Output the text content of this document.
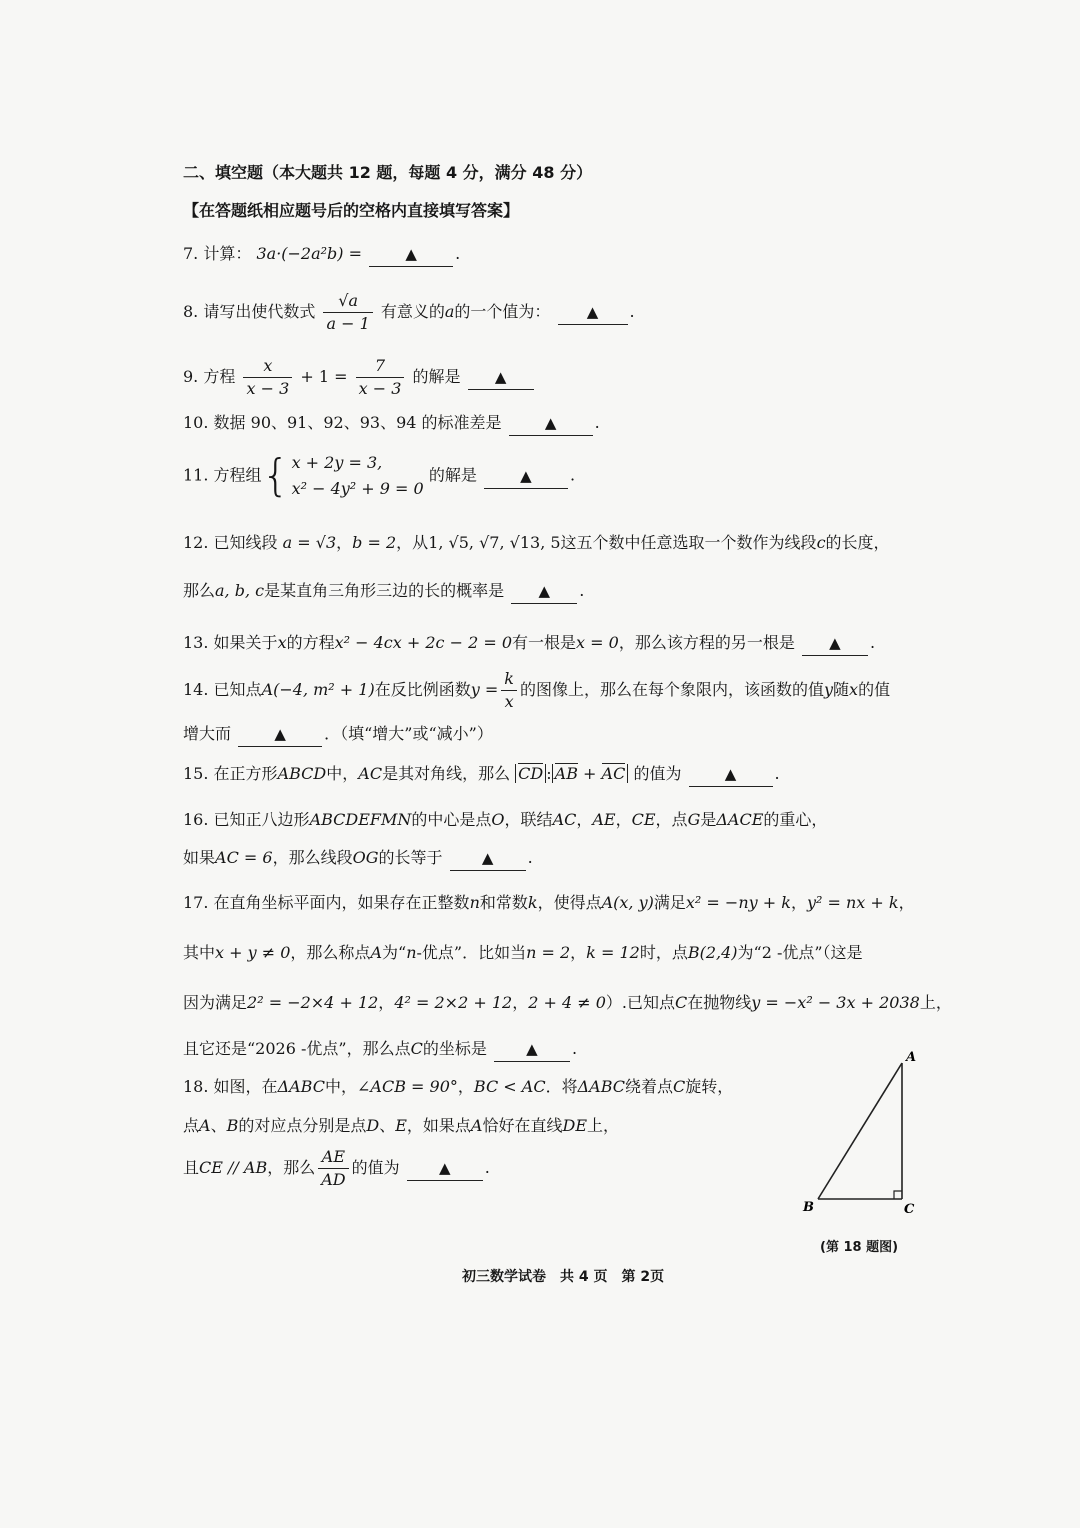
二、填空题（本大题共 12 题，每题 4 分，满分 48 分）
【在答题纸相应题号后的空格内直接填写答案】
7. 计算： 3a·(−2a²b) =	▲ .
8. 请写出使代数式 $\frac{√a}{a - 1}$ 有意义的a的一个值为： ▲ .
9. 方程 $\frac{x}{x - 3} + 1 = \frac{7}{x - 3}$ 的解是 ▲
10. 数据 90、91、92、93、94 的标准差是	▲ .
11. 方程组{ x + 2y = 3,
x² − 4y² + 9 = 0
的解是	▲ .
12. 已知线段 a = √3，b = 2，从1, √5, √7, √13, 5这五个数中任意选取一个数作为线段c的长度，
那么a, b, c是某直角三角形三边的长的概率是 ▲ .
13. 如果关于x的方程x² − 4cx + 2c − 2 = 0有一根是x = 0，那么该方程的另一根是 ▲ .
14. 已知点A(−4, m² + 1)在反比例函数$y = \frac{k}{x}$ 的图像上，那么在每个象限内，该函数的值y随x的值
增大而	▲ ．（填“增大”或“减小”）
15. 在正方形ABCD中，AC是其对角线，那么 CD : AB + AC 的值为	▲ .
16. 已知正八边形ABCDEFMN的中心是点O，联结AC，AE，CE，点G是ΔACE的重心，
如果AC = 6，那么线段OG的长等于	▲ .
17. 在直角坐标平面内，如果存在正整数n和常数k，使得点A(x, y)满足x² = −ny + k，y² = nx + k，
其中x + y ≠ 0，那么称点A为“n-优点”．比如当n = 2，k = 12时，点B(2,4)为“2 -优点”（这是
因为满足2² = −2×4 + 12，4² = 2×2 + 12，2 + 4 ≠ 0）.已知点C在抛物线y = −x² − 3x + 2038上，
且它还是“2026 -优点”，那么点C的坐标是	▲ .
18. 如图，在ΔABC中，∠ACB = 90°，BC < AC．将ΔABC绕着点C旋转，
点A、B的对应点分别是点D、E，如果点A恰好在直线DE上，
且CE // AB，那么 $\frac{AE}{AD}$ 的值为	▲ .
A
B	C
(第 18 题图)
初三数学试卷　共 4 页　第 2页
